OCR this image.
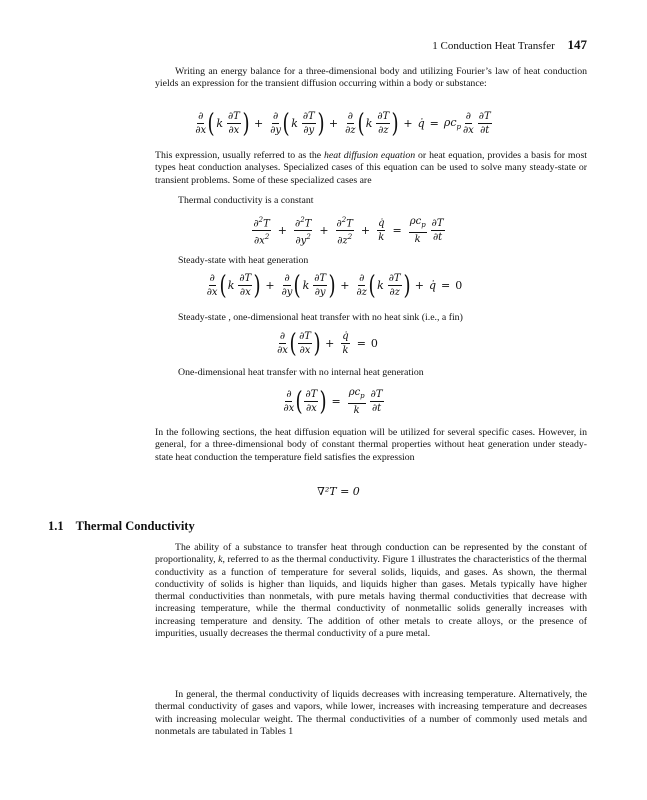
1 Conduction Heat Transfer 147

Writing an energy balance for a three-dimensional body and utilizing Fourier’s law of heat conduction yields an expression for the transient diffusion occurring within a body or substance:

$\frac{\partial}{\partial x}$ ( k $\frac{\partial T}{\partial x}$ ) + $\frac{\partial}{\partial y}$ ( k $\frac{\partial T}{\partial y}$ ) + $\frac{\partial}{\partial z}$ ( k $\frac{\partial T}{\partial z}$ ) + q̇ = $\rho c_p \frac{\partial}{\partial x} \frac{\partial T}{\partial t}$

This expression, usually referred to as the heat diffusion equation or heat equation, provides a basis for most types heat conduction analyses. Specialized cases of this equation can be used to solve many steady-state or transient problems. Some of these specialized cases are

Thermal conductivity is a constant
$\frac{\partial^2T}{\partial x^2} + \frac{\partial^2T}{\partial y^2} + \frac{\partial^2T}{\partial z^2} + \frac{q̇}{k} = \frac{\rho c_p}{k} \frac{\partial T}{\partial t}$
Steady-state with heat generation
$\frac{\partial}{\partial x}$ ( k $\frac{\partial T}{\partial x}$ ) + $\frac{\partial}{\partial y}$ ( k $\frac{\partial T}{\partial y}$ ) + $\frac{\partial}{\partial z}$ ( k $\frac{\partial T}{\partial z}$ ) + q̇ = 0
Steady-state , one-dimensional heat transfer with no heat sink (i.e., a fin)
$\frac{\partial}{\partial x}$ ( $\frac{\partial T}{\partial x}$ ) + $\frac{q̇}{k} = 0$
One-dimensional heat transfer with no internal heat generation
$\frac{\partial}{\partial x}$ ( $\frac{\partial T}{\partial x}$ ) = $\frac{\rho c_p}{k} \frac{\partial T}{\partial t}$

In the following sections, the heat diffusion equation will be utilized for several specific cases. However, in general, for a three-dimensional body of constant thermal properties without heat generation under steady-state heat conduction the temperature field satisfies the expression

∇²T = 0
1.1 Thermal Conductivity

The ability of a substance to transfer heat through conduction can be represented by the constant of proportionality, k, referred to as the thermal conductivity. Figure 1 illustrates the characteristics of the thermal conductivity as a function of temperature for several solids, liquids, and gases. As shown, the thermal conductivity of solids is higher than liquids, and liquids higher than gases. Metals typically have higher thermal conductivities than nonmetals, with pure metals having thermal conductivities that decrease with increasing temperature, while the thermal conductivity of nonmetallic solids generally increases with increasing temperature and density. The addition of other metals to create alloys, or the presence of impurities, usually decreases the thermal conductivity of a pure metal.

In general, the thermal conductivity of liquids decreases with increasing temperature. Alternatively, the thermal conductivity of gases and vapors, while lower, increases with increasing temperature and decreases with increasing molecular weight. The thermal conductivities of a number of commonly used metals and nonmetals are tabulated in Tables 1
